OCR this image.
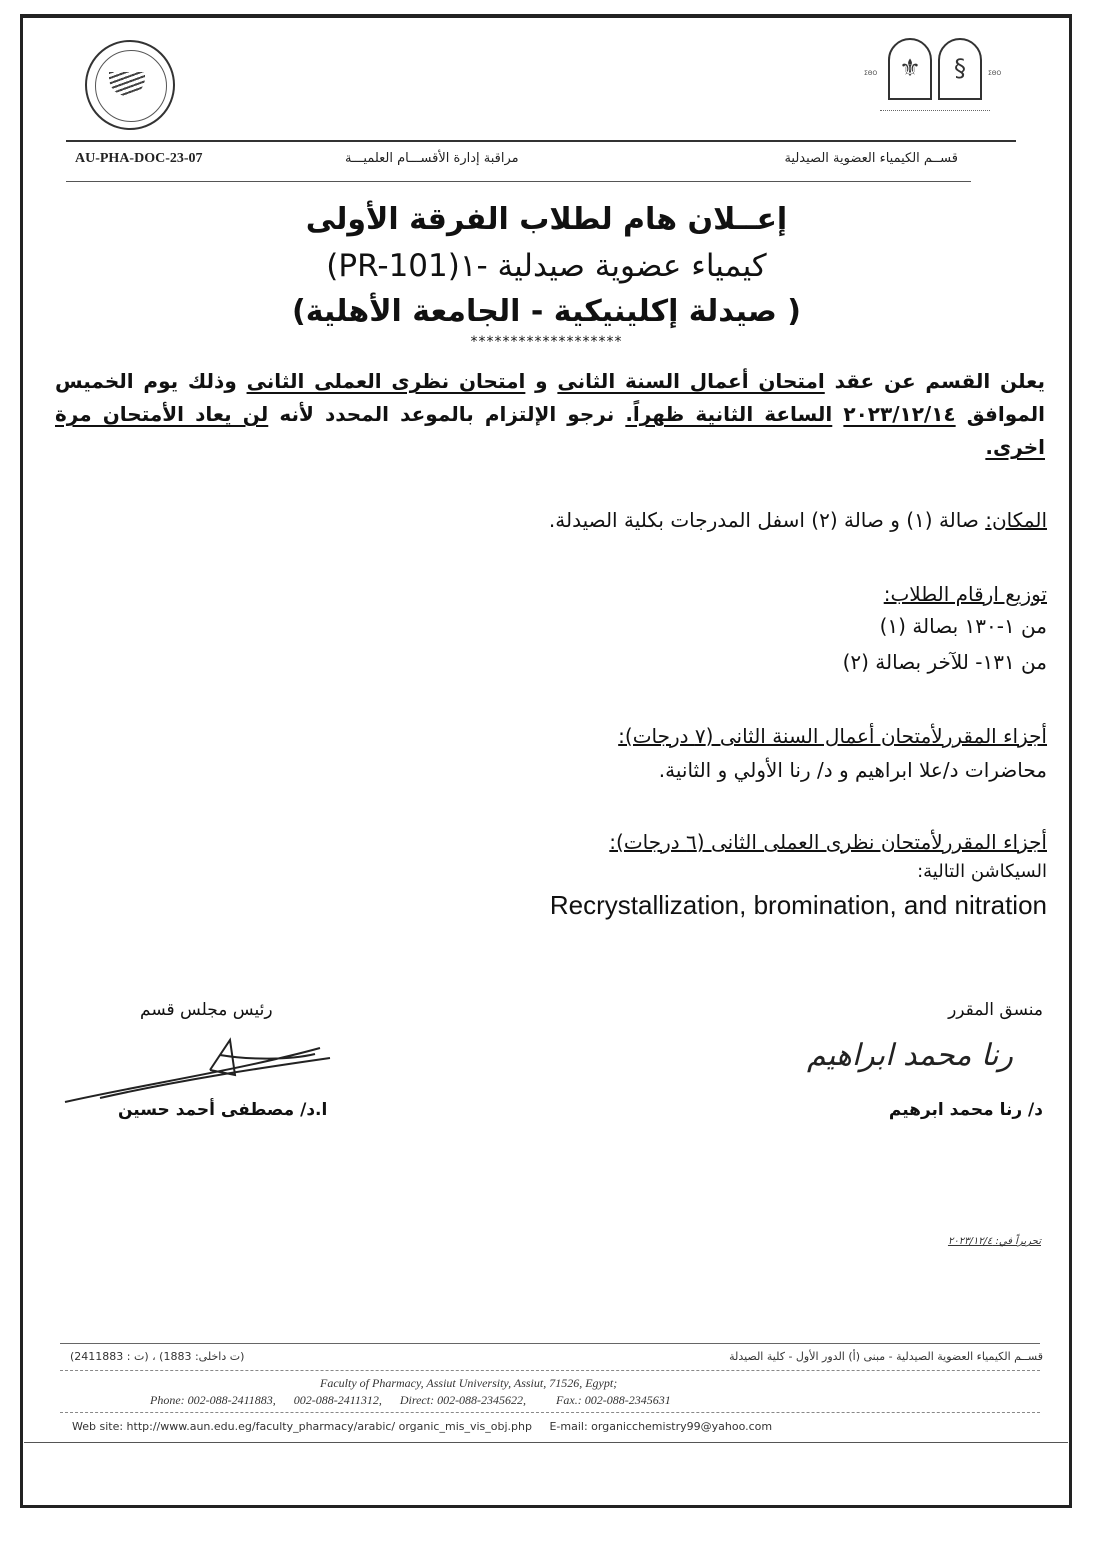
⚜	§
ΣΘΟ	ΣΘΟ
AU-PHA-DOC-23-07	مراقبة إدارة الأقســـام العلميـــة	قســم الكيمياء العضوية الصيدلية
إعــلان هام لطلاب الفرقة الأولى
كيمياء عضوية صيدلية -١(PR-101)
( صيدلة إكلينيكية - الجامعة الأهلية)
*******************
يعلن القسم عن عقد امتحان أعمال السنة الثانى و امتحان نظرى العملى الثانى وذلك يوم الخميس الموافق ٢٠٢٣/١٢/١٤ الساعة الثانية ظهراً. نرجو الإلتزام بالموعد المحدد لأنه لن يعاد الأمتحان مرة اخرى.
المكان: صالة (١) و صالة (٢) اسفل المدرجات بكلية الصيدلة.
توزيع ارقام الطلاب:
من ١-١٣٠ بصالة (١)
من ١٣١- للآخر بصالة (٢)
أجزاء المقررلأمتحان أعمال السنة الثانى (٧ درجات):
محاضرات د/علا ابراهيم و د/ رنا الأولي و الثانية.
أجزاء المقررلأمتحان نظرى العملى الثانى (٦ درجات):
السيكاشن التالية:
Recrystallization, bromination, and nitration
منسق المقرر
رنا محمد ابراهيم
د/ رنا محمد ابرهيم
رئيس مجلس قسم
ا.د/ مصطفى أحمد حسين
تحريراً في: ٢٠٢٣/١٢/٤
قســم الكيمياء العضوية الصيدلية - مبنى (أ) الدور الأول - كلية الصيدلة
(ت داخلى: 1883) ، (ت : 2411883)
Faculty of Pharmacy, Assiut University, Assiut, 71526, Egypt;
Phone: 002-088-2411883,      002-088-2411312,      Direct: 002-088-2345622,          Fax.: 002-088-2345631
Web site: http://www.aun.edu.eg/faculty_pharmacy/arabic/ organic_mis_vis_obj.php     E-mail: organicchemistry99@yahoo.com
